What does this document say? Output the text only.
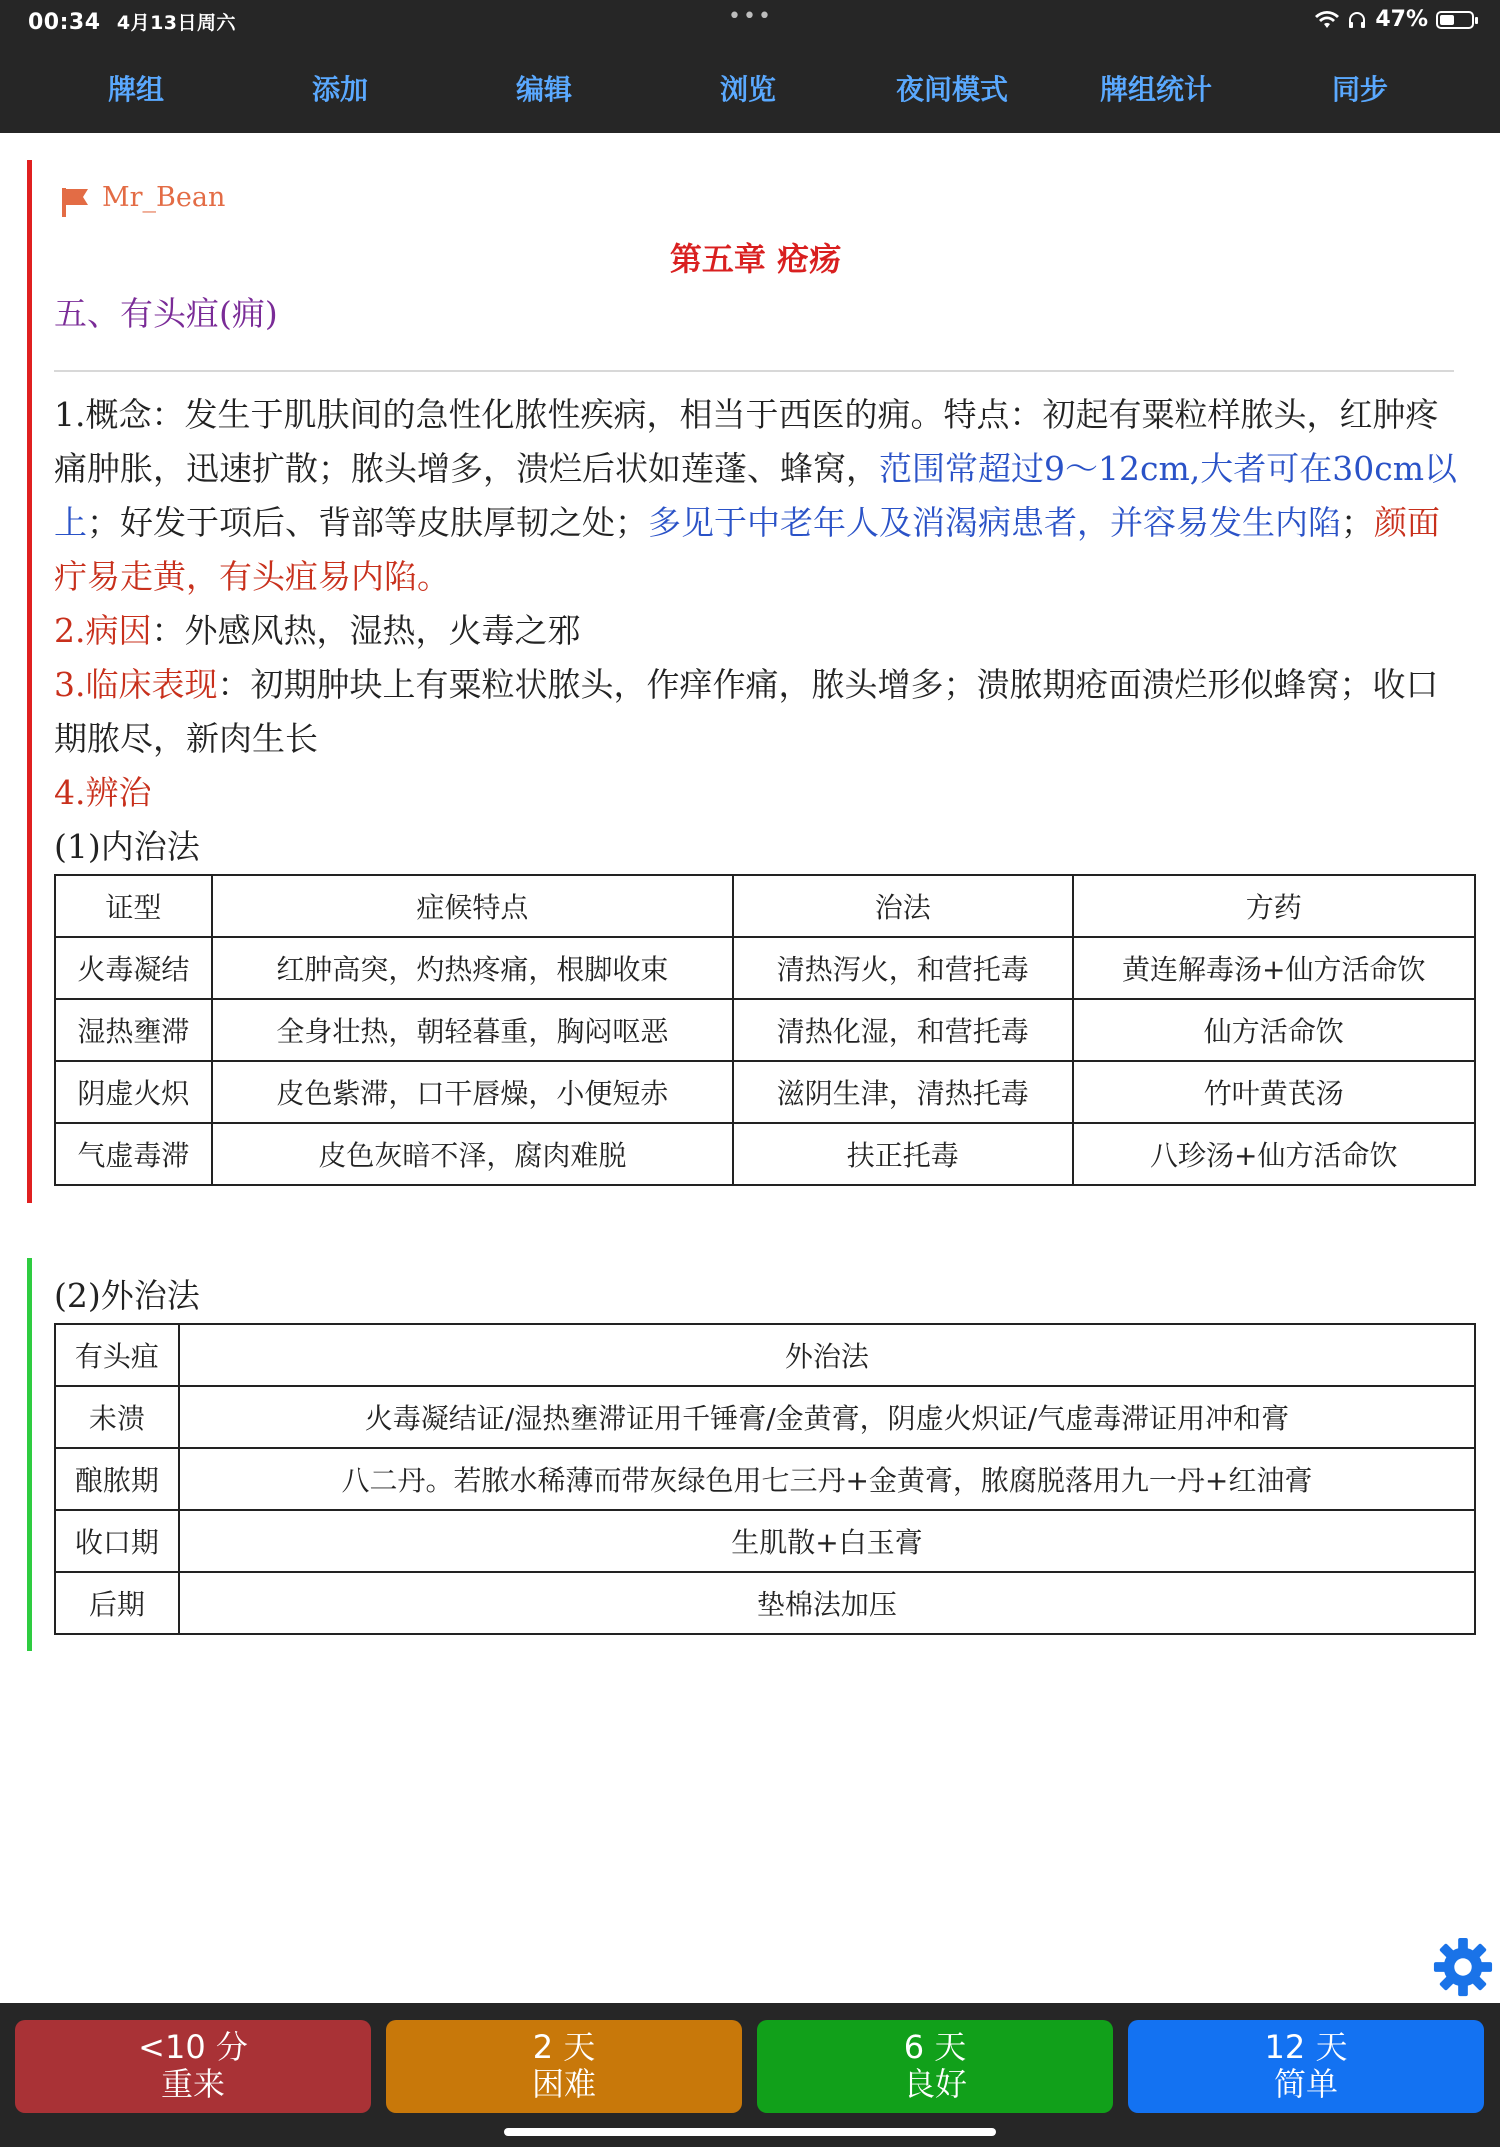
00:34 4月13日周六	•••	47%
牌组	添加	编辑	浏览	夜间模式	牌组统计	同步
Mr_Bean
第五章 疮疡
五、有头疽(痈)
1.概念：发生于肌肤间的急性化脓性疾病，相当于西医的痈。特点：初起有粟粒样脓头，红肿疼痛肿胀，迅速扩散；脓头增多，溃烂后状如莲蓬、蜂窝，范围常超过9～12cm,大者可在30cm以上；好发于项后、背部等皮肤厚韧之处；多见于中老年人及消渴病患者，并容易发生内陷；颜面疔易走黄，有头疽易内陷。
2.病因：外感风热，湿热，火毒之邪
3.临床表现：初期肿块上有粟粒状脓头，作痒作痛，脓头增多；溃脓期疮面溃烂形似蜂窝；收口期脓尽，新肉生长
4.辨治
(1)内治法
证型	症候特点	治法	方药
火毒凝结	红肿高突，灼热疼痛，根脚收束	清热泻火，和营托毒	黄连解毒汤+仙方活命饮
湿热壅滞	全身壮热，朝轻暮重，胸闷呕恶	清热化湿，和营托毒	仙方活命饮
阴虚火炽	皮色紫滞，口干唇燥，小便短赤	滋阴生津，清热托毒	竹叶黄芪汤
气虚毒滞	皮色灰暗不泽，腐肉难脱	扶正托毒	八珍汤+仙方活命饮
(2)外治法
有头疽	外治法
未溃	火毒凝结证/湿热壅滞证用千锤膏/金黄膏，阴虚火炽证/气虚毒滞证用冲和膏
酿脓期	八二丹。若脓水稀薄而带灰绿色用七三丹+金黄膏，脓腐脱落用九一丹+红油膏
收口期	生肌散+白玉膏
后期	垫棉法加压
<10 分
重来
2 天
困难
6 天
良好
12 天
简单
